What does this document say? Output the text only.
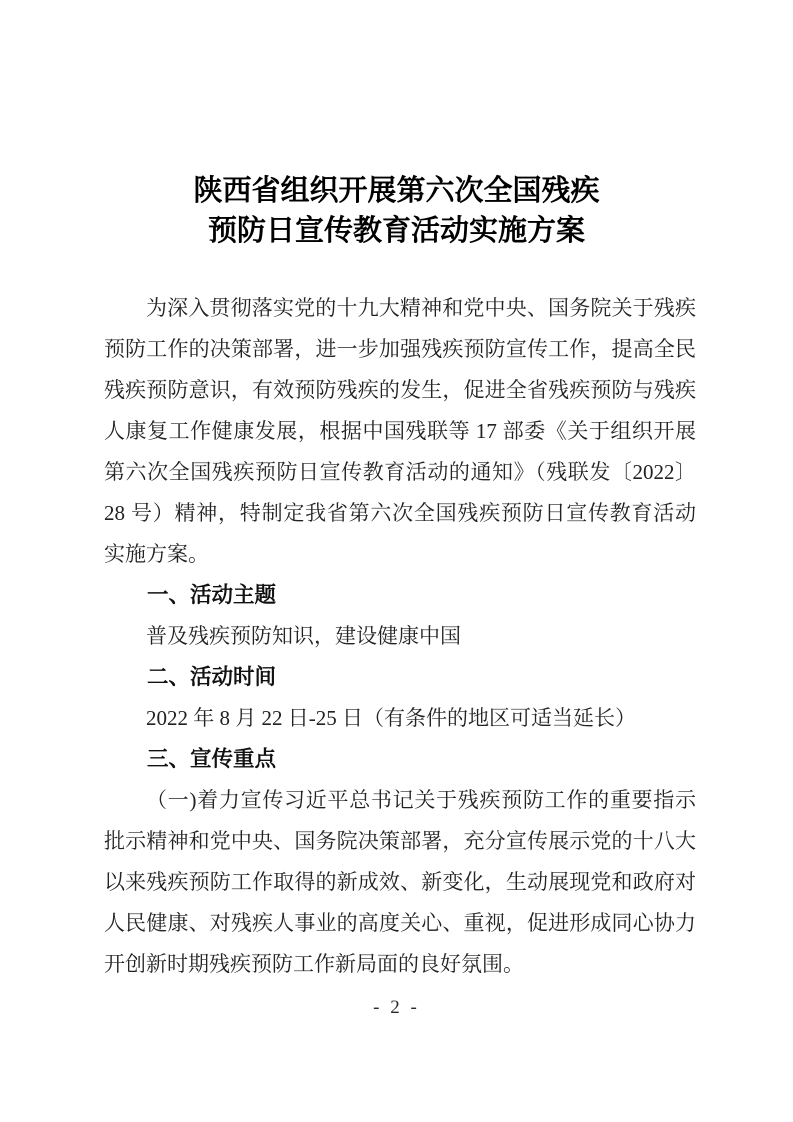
陕西省组织开展第六次全国残疾
预防日宣传教育活动实施方案
为深入贯彻落实党的十九大精神和党中央、国务院关于残疾
预防工作的决策部署，进一步加强残疾预防宣传工作，提高全民
残疾预防意识，有效预防残疾的发生，促进全省残疾预防与残疾
人康复工作健康发展，根据中国残联等 17 部委《关于组织开展
第六次全国残疾预防日宣传教育活动的通知》（残联发〔2022〕
28 号）精神，特制定我省第六次全国残疾预防日宣传教育活动
实施方案。
一、活动主题
普及残疾预防知识，建设健康中国
二、活动时间
2022 年 8 月 22 日-25 日（有条件的地区可适当延长）
三、宣传重点
（一)着力宣传习近平总书记关于残疾预防工作的重要指示
批示精神和党中央、国务院决策部署，充分宣传展示党的十八大
以来残疾预防工作取得的新成效、新变化，生动展现党和政府对
人民健康、对残疾人事业的高度关心、重视，促进形成同心协力
开创新时期残疾预防工作新局面的良好氛围。
- 2 -
